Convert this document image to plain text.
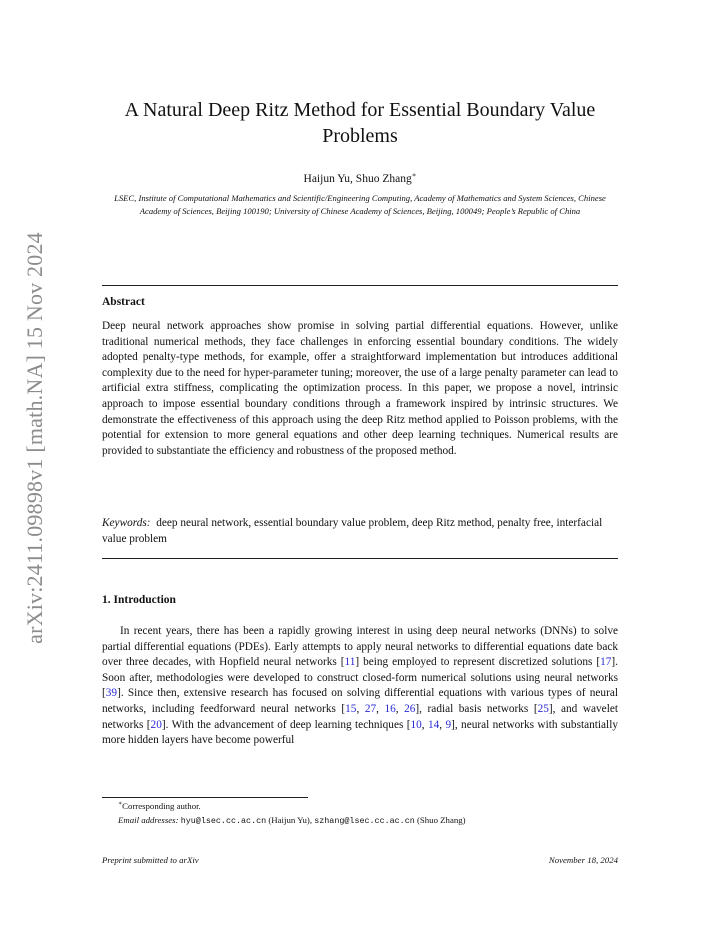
arXiv:2411.09898v1 [math.NA] 15 Nov 2024
A Natural Deep Ritz Method for Essential Boundary Value Problems
Haijun Yu, Shuo Zhang∗
LSEC, Institute of Computational Mathematics and Scientific/Engineering Computing, Academy of Mathematics and System Sciences, Chinese Academy of Sciences, Beijing 100190; University of Chinese Academy of Sciences, Beijing, 100049; People’s Republic of China
Abstract
Deep neural network approaches show promise in solving partial differential equations. However, unlike traditional numerical methods, they face challenges in enforcing essential boundary conditions. The widely adopted penalty-type methods, for example, offer a straightforward implementation but introduces additional complexity due to the need for hyper-parameter tuning; moreover, the use of a large penalty parameter can lead to artificial extra stiffness, complicating the optimization process. In this paper, we propose a novel, intrinsic approach to impose essential boundary conditions through a framework inspired by intrinsic structures. We demonstrate the effectiveness of this approach using the deep Ritz method applied to Poisson problems, with the potential for extension to more general equations and other deep learning techniques. Numerical results are provided to substantiate the efficiency and robustness of the proposed method.
Keywords: deep neural network, essential boundary value problem, deep Ritz method, penalty free, interfacial value problem
1. Introduction
In recent years, there has been a rapidly growing interest in using deep neural networks (DNNs) to solve partial differential equations (PDEs). Early attempts to apply neural networks to differential equations date back over three decades, with Hopfield neural networks [11] being employed to represent discretized solutions [17]. Soon after, methodologies were developed to construct closed-form numerical solutions using neural networks [39]. Since then, extensive research has focused on solving differential equations with various types of neural networks, including feedforward neural networks [15, 27, 16, 26], radial basis networks [25], and wavelet networks [20]. With the advancement of deep learning techniques [10, 14, 9], neural networks with substantially more hidden layers have become powerful
∗Corresponding author.
Email addresses: hyu@lsec.cc.ac.cn (Haijun Yu), szhang@lsec.cc.ac.cn (Shuo Zhang)
Preprint submitted to arXiv	November 18, 2024
